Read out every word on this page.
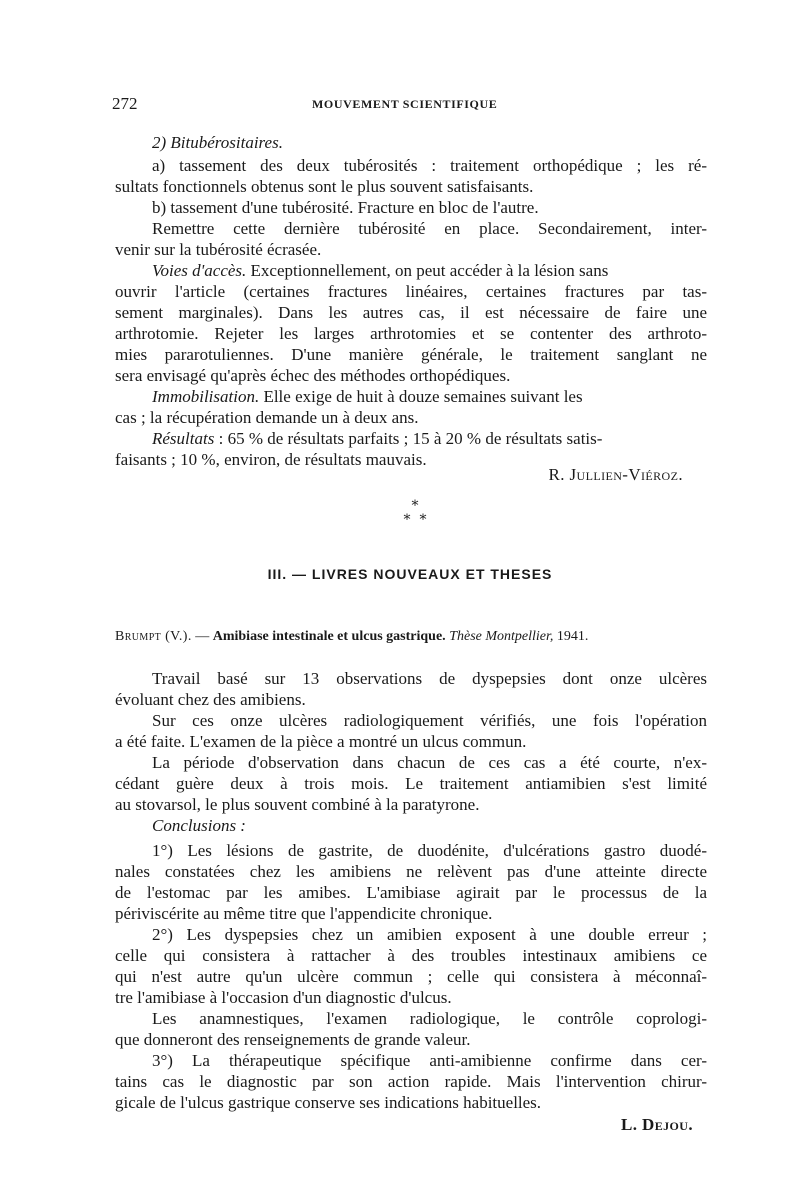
272	MOUVEMENT SCIENTIFIQUE
2) Bitubérositaires.
a) tassement des deux tubérosités : traitement orthopédique ; les ré-
sultats fonctionnels obtenus sont le plus souvent satisfaisants.
b) tassement d'une tubérosité. Fracture en bloc de l'autre.
Remettre cette dernière tubérosité en place. Secondairement, inter-
venir sur la tubérosité écrasée.
Voies d'accès. Exceptionnellement, on peut accéder à la lésion sans
ouvrir l'article (certaines fractures linéaires, certaines fractures par tas-
sement marginales). Dans les autres cas, il est nécessaire de faire une
arthrotomie. Rejeter les larges arthrotomies et se contenter des arthroto-
mies pararotuliennes. D'une manière générale, le traitement sanglant ne
sera envisagé qu'après échec des méthodes orthopédiques.
Immobilisation. Elle exige de huit à douze semaines suivant les
cas ; la récupération demande un à deux ans.
Résultats : 65 % de résultats parfaits ; 15 à 20 % de résultats satis-
faisants ; 10 %, environ, de résultats mauvais.
R. Jullien-Viéroz.
*
* *
III. — LIVRES NOUVEAUX ET THESES
Brumpt (V.). — Amibiase intestinale et ulcus gastrique. Thèse Montpellier, 1941.
Travail basé sur 13 observations de dyspepsies dont onze ulcères
évoluant chez des amibiens.
Sur ces onze ulcères radiologiquement vérifiés, une fois l'opération
a été faite. L'examen de la pièce a montré un ulcus commun.
La période d'observation dans chacun de ces cas a été courte, n'ex-
cédant guère deux à trois mois. Le traitement antiamibien s'est limité
au stovarsol, le plus souvent combiné à la paratyrone.
Conclusions :
1°) Les lésions de gastrite, de duodénite, d'ulcérations gastro duodé-
nales constatées chez les amibiens ne relèvent pas d'une atteinte directe
de l'estomac par les amibes. L'amibiase agirait par le processus de la
périviscérite au même titre que l'appendicite chronique.
2°) Les dyspepsies chez un amibien exposent à une double erreur ;
celle qui consistera à rattacher à des troubles intestinaux amibiens ce
qui n'est autre qu'un ulcère commun ; celle qui consistera à méconnaî-
tre l'amibiase à l'occasion d'un diagnostic d'ulcus.
Les anamnestiques, l'examen radiologique, le contrôle coprologi-
que donneront des renseignements de grande valeur.
3°) La thérapeutique spécifique anti-amibienne confirme dans cer-
tains cas le diagnostic par son action rapide. Mais l'intervention chirur-
gicale de l'ulcus gastrique conserve ses indications habituelles.
L. Dejou.
